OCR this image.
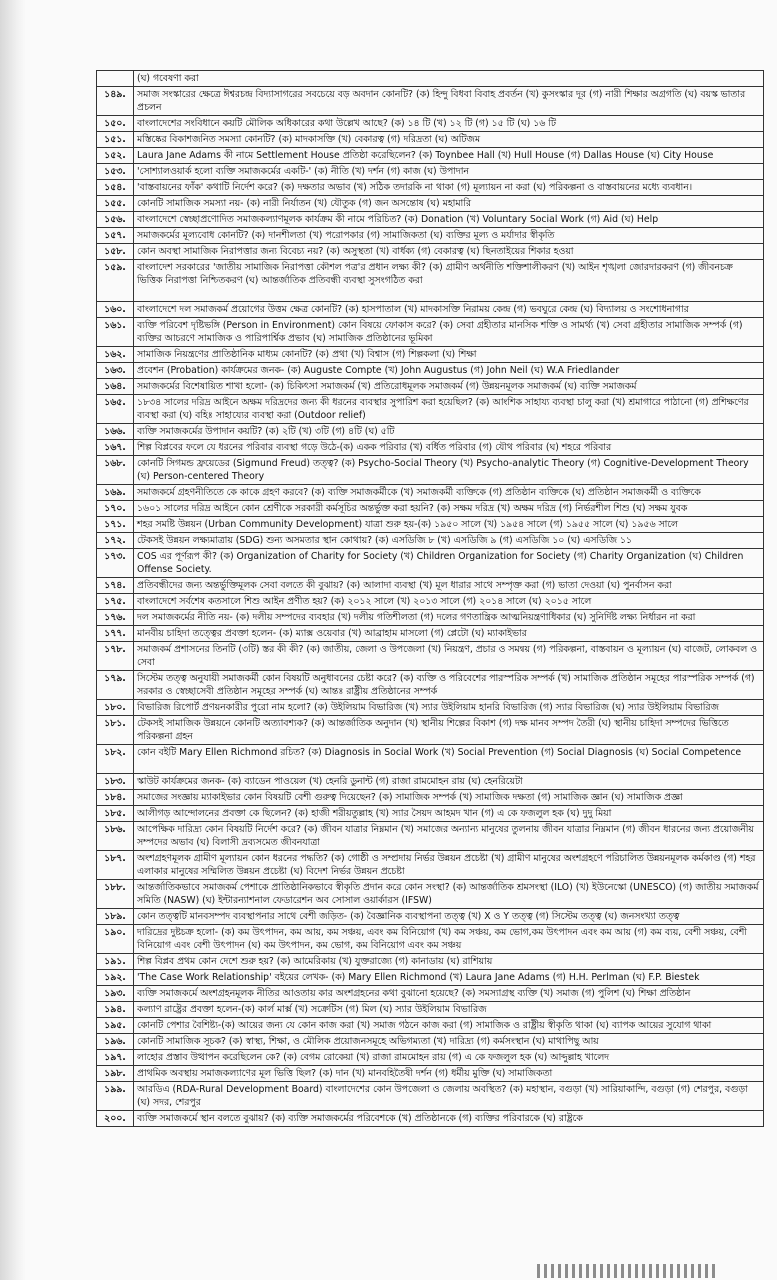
	(ঘ) গবেষণা করা
১৪৯.	সমাজ সংস্কারের ক্ষেত্রে ঈশ্বরচন্দ্র বিদ্যাসাগরের সবচেয়ে বড় অবদান কোনটি? (ক) হিন্দু বিধবা বিবাহ প্রবর্তন (খ) কুসংস্কার দূর (গ) নারী শিক্ষার অগ্রগতি (ঘ) বয়স্ক ভাতার প্রচলন
১৫০.	বাংলাদেশের সংবিধানে কয়টি মৌলিক অধিকারের কথা উল্লেখ আছে? (ক) ১৪ টি (খ) ১২ টি (গ) ১৫ টি (ঘ) ১৬ টি
১৫১.	মস্তিষ্কের বিকাশজনিত সমস্যা কোনটি? (ক) মাদকাসক্তি (খ) বেকারত্ব (গ) দরিদ্রতা (ঘ) অটিজম
১৫২.	Laura Jane Adams কী নামে Settlement House প্রতিষ্ঠা করেছিলেন? (ক) Toynbee Hall (খ) Hull House (গ) Dallas House (ঘ) City House
১৫৩.	'সোশ্যালওয়ার্ক হলো ব্যক্তি সমাজকর্মের একটি-' (ক) নীতি (খ) দর্শন (গ) কাজ (ঘ) উপাদান
১৫৪.	'বাস্তবায়নের ফাঁক' কথাটি নির্দেশ করে? (ক) দক্ষতার অভাব (খ) সঠিক তদারকি না থাকা (গ) মূল্যায়ন না করা (ঘ) পরিকল্পনা ও বাস্তবায়নের মধ্যে ব্যবধান।
১৫৫.	কোনটি সামাজিক সমস্যা নয়- (ক) নারী নির্যাতন (খ) যৌতুক (গ) জন অসন্তোষ (ঘ) মহামারি
১৫৬.	বাংলাদেশে স্বেচ্ছাপ্রণোদিত সমাজকল্যাণমূলক কার্যক্রম কী নামে পরিচিত? (ক) Donation (খ) Voluntary Social Work (গ) Aid (ঘ) Help
১৫৭.	সমাজকর্মের মূল্যবোধ কোনটি? (ক) দানশীলতা (খ) পরোপকার (গ) সামাজিকতা (ঘ) ব্যক্তির মূল্য ও মর্যাদার স্বীকৃতি
১৫৮.	কোন অবস্থা সামাজিক নিরাপত্তার জন্য বিবেচ্য নয়? (ক) অসুস্থতা (খ) বার্ধক্য (গ) বেকারত্ব (ঘ) ছিনতাইয়ের শিকার হওয়া
১৫৯.	বাংলাদেশ সরকারের 'জাতীয় সামাজিক নিরাপত্তা কৌশল পত্র'র প্রধান লক্ষ্য কী? (ক) গ্রামীণ অর্থনীতি শক্তিশালীকরণ (খ) আইন শৃঙ্খলা জোরদারকরণ (গ) জীবনচক্র ভিত্তিক নিরাপত্তা নিশ্চিতকরণ (ঘ) আন্তর্জাতিক প্রতিবন্ধী ব্যবস্থা সুসংগঠিত করা
১৬০.	বাংলাদেশে দল সমাজকর্ম প্রয়োগের উত্তম ক্ষেত্র কোনটি? (ক) হাসপাতাল (খ) মাদকাসক্তি নিরাময় কেন্দ্র (গ) ভবঘুরে কেন্দ্র (ঘ) বিদ্যালয় ও সংশোধনাগার
১৬১.	ব্যক্তি পরিবেশ দৃষ্টিভঙ্গি (Person in Environment) কোন বিষয়ে ফোকাস করে? (ক) সেবা গ্রহীতার মানসিক শক্তি ও সামর্থ্য (খ) সেবা গ্রহীতার সামাজিক সম্পর্ক (গ) ব্যক্তির আচরণে সামাজিক ও পারিপার্শ্বিক প্রভাব (ঘ) সামাজিক প্রতিষ্ঠানের ভূমিকা
১৬২.	সামাজিক নিয়ন্ত্রণের প্রাতিষ্ঠানিক মাধ্যম কোনটি? (ক) প্রথা (খ) বিশ্বাস (গ) শিল্পকলা (ঘ) শিক্ষা
১৬৩.	প্রবেশন (Probation) কার্যক্রমের জনক- (ক) Auguste Compte (খ) John Augustus (গ) John Neil (ঘ) W.A Friedlander
১৬৪.	সমাজকর্মের বিশেষায়িত শাখা হলো- (ক) চিকিৎসা সমাজকর্ম (খ) প্রতিরোধমূলক সমাজকর্ম (গ) উন্নয়নমূলক সমাজকর্ম (ঘ) ব্যক্তি সমাজকর্ম
১৬৫.	১৮৩৪ সালের দরিদ্র আইনে অক্ষম দরিদ্রদের জন্য কী ধরনের ব্যবস্থার সুপারিশ করা হয়েছিল? (ক) আংশিক সাহায্য ব্যবস্থা চালু করা (খ) শ্রমাগারে পাঠানো (গ) প্রশিক্ষণের ব্যবস্থা করা (ঘ) বহিঃ সাহায্যের ব্যবস্থা করা (Outdoor relief)
১৬৬.	ব্যক্তি সমাজকর্মের উপাদান কয়টি? (ক) ২টি (খ) ৩টি (গ) ৪টি (ঘ) ৫টি
১৬৭.	শিল্প বিপ্লবের ফলে যে ধরনের পরিবার ব্যবস্থা গড়ে উঠে-(ক) একক পরিবার (খ) বর্ধিত পরিবার (গ) যৌথ পরিবার (ঘ) শহরে পরিবার
১৬৮.	কোনটি সিগমন্ড ফ্রয়েডের (Sigmund Freud) তত্ত্ব? (ক) Psycho-Social Theory (খ) Psycho-analytic Theory (গ) Cognitive-Development Theory (ঘ) Person-centered Theory
১৬৯.	সমাজকর্মে গ্রহণনীতিতে কে কাকে গ্রহণ করবে? (ক) ব্যক্তি সমাজকর্মীকে (খ) সমাজকর্মী ব্যক্তিকে (গ) প্রতিষ্ঠান ব্যক্তিকে (ঘ) প্রতিষ্ঠান সমাজকর্মী ও ব্যক্তিকে
১৭০.	১৬০১ সালের দরিদ্র আইনে কোন শ্রেণীকে সরকারী কর্মসূচির অন্তর্ভুক্ত করা হয়নি? (ক) সক্ষম দরিদ্র (খ) অক্ষম দরিদ্র (গ) নির্ভরশীল শিশু (ঘ) সক্ষম যুবক
১৭১.	শহর সমষ্টি উন্নয়ন (Urban Community Development) যাত্রা শুরু হয়-(ক) ১৯৫০ সালে (খ) ১৯৫৪ সালে (গ) ১৯৫৫ সালে (ঘ) ১৯৫৬ সালে
১৭২.	টেকসই উন্নয়ন লক্ষ্যমাত্রায় (SDG) শুন্য অসমতার স্থান কোথায়? (ক) এসডিজি ৮ (খ) এসডিজি ৯ (গ) এসডিজি ১০ (ঘ) এসডিজি ১১
১৭৩.	COS এর পূর্ণরূপ কী? (ক) Organization of Charity for Society (খ) Children Organization for Society (গ) Charity Organization (ঘ) Children Offense Society.
১৭৪.	প্রতিবন্ধীদের জন্য অন্তর্ভুক্তিমূলক সেবা বলতে কী বুঝায়? (ক) আলাদা ব্যবস্থা (খ) মূল ধারার সাথে সম্পৃক্ত করা (গ) ভাতা দেওয়া (ঘ) পুনর্বাসন করা
১৭৫.	বাংলাদেশে সর্বশেষ কতসালে শিশু আইন প্রণীত হয়? (ক) ২০১২ সালে (খ) ২০১৩ সালে (গ) ২০১৪ সালে (ঘ) ২০১৫ সালে
১৭৬.	দল সমাজকর্মের নীতি নয়- (ক) দলীয় সম্পদের ব্যবহার (খ) দলীয় গতিশীলতা (গ) দলের গণতান্ত্রিক আত্মনিয়ন্ত্রণাধিকার (ঘ) সুনির্দিষ্ট লক্ষ্য নির্ধারন না করা
১৭৭.	মানবীয় চাহিদা তত্ত্বের প্রবক্তা হলেন- (ক) ম্যাক্স ওয়েবার (খ) আব্রাহাম মাসলো (গ) প্লেটো (ঘ) ম্যাকাইভার
১৭৮.	সমাজকর্ম প্রশাসনের তিনটি (৩টি) স্তর কী কী? (ক) জাতীয়, জেলা ও উপজেলা (খ) নিয়ন্ত্রণ, প্রচার ও সমন্বয় (গ) পরিকল্পনা, বাস্তবায়ন ও মূল্যায়ন (ঘ) বাজেট, লোকবল ও সেবা
১৭৯.	সিস্টেম তত্ত্ব অনুযায়ী সমাজকর্মী কোন বিষয়টি অনুধাবনের চেষ্টা করে? (ক) ব্যক্তি ও পরিবেশের পারস্পরিক সম্পর্ক (খ) সামাজিক প্রতিষ্ঠান সমূহের পারস্পরিক সম্পর্ক (গ) সরকার ও স্বেচ্ছাসেবী প্রতিষ্ঠান সমূহের সম্পর্ক (ঘ) আন্তঃ রাষ্ট্রীয় প্রতিষ্ঠানের সম্পর্ক
১৮০.	বিভারিজ রিপোর্ট প্রণয়নকারীর পুরো নাম হলো? (ক) উইলিয়াম বিভারিজ (খ) স্যার উইলিয়াম হানরি বিভারিজ (গ) স্যার বিভারিজ (ঘ) স্যার উইলিয়াম বিভারিজ
১৮১.	টেকসই সামাজিক উন্নয়নে কোনটি অত্যাবশ্যক? (ক) আন্তর্জাতিক অনুদান (খ) স্থানীয় শিল্পের বিকাশ (গ) দক্ষ মানব সম্পদ তৈরী (ঘ) স্থানীয় চাহিদা সম্পদের ভিত্তিতে পরিকল্পনা গ্রহন
১৮২.	কোন বইটি Mary Ellen Richmond রচিত? (ক) Diagnosis in Social Work (খ) Social Prevention (গ) Social Diagnosis (ঘ) Social Competence
১৮৩.	স্কাউট কার্যক্রমের জনক- (ক) ব্যাডেন পাওয়েল (খ) হেনরি ডুনান্ট (গ) রাজা রামমোহন রায় (ঘ) হেনরিয়েটা
১৮৪.	সমাজের সংজ্ঞায় ম্যাকাইভার কোন বিষয়টি বেশী গুরুত্ব দিয়েছেন? (ক) সামাজিক সম্পর্ক (খ) সামাজিক দক্ষতা (গ) সামাজিক জ্ঞান (ঘ) সামাজিক প্রজ্ঞা
১৮৫.	আলীগড় আন্দোলনের প্রবক্তা কে ছিলেন? (ক) হাজী শরীয়তুল্লাহ (খ) স্যার সৈয়দ আহমদ খান (গ) এ কে ফজলুল হক (ঘ) দুদু মিয়া
১৮৬.	আপেক্ষিক দারিদ্র্য কোন বিষয়টি নির্দেশ করে? (ক) জীবন যাত্রার নিম্নমান (খ) সমাজের অন্যান্য মানুষের তুলনায় জীবন যাত্রার নিম্নমান (গ) জীবন ধারনের জন্য প্রয়োজনীয় সম্পদের অভাব (ঘ) বিলাসী দ্রব্যসমেত জীবনযাত্রা
১৮৭.	অংশগ্রহণমূলক গ্রামীণ মূল্যায়ন কোন ধরনের পদ্ধতি? (ক) গোষ্ঠী ও সম্প্রদায় নির্ভর উন্নয়ন প্রচেষ্টা (খ) গ্রামীণ মানুষের অংশগ্রহণে পরিচালিত উন্নয়নমূলক কর্মকাণ্ড (গ) শহর এলাকার মানুষের সম্মিলিত উন্নয়ন প্রচেষ্টা (ঘ) বিদেশ নির্ভর উন্নয়ন প্রচেষ্টা
১৮৮.	আন্তর্জাতিকভাবে সমাজকর্ম পেশাকে প্রাতিষ্ঠানিকভাবে স্বীকৃতি প্রদান করে কোন সংস্থা? (ক) আন্তর্জাতিক শ্রমসংস্থা (ILO) (খ) ইউনেস্কো (UNESCO) (গ) জাতীয় সমাজকর্ম সমিতি (NASW) (ঘ) ইন্টারন্যাশনাল ফেডারেশন অব সোসাল ওয়ার্কারস (IFSW)
১৮৯.	কোন তত্ত্বটি মানবসম্পদ ব্যবস্থাপনার সাথে বেশী জড়িত- (ক) বৈজ্ঞানিক ব্যবস্থাপনা তত্ত্ব (খ) X ও Y তত্ত্ব (গ) সিস্টেম তত্ত্ব (ঘ) জনসংখ্যা তত্ত্ব
১৯০.	দারিদ্রের দুষ্টচক্র হলো- (ক) কম উৎপাদন, কম আয়, কম সঞ্চয়, এবং কম বিনিয়োগ (খ) কম সঞ্চয়, কম ভোগ,কম উৎপাদন এবং কম আয় (গ) কম ব্যয়, বেশী সঞ্চয়, বেশী বিনিয়োগ এবং বেশী উৎপাদন (ঘ) কম উৎপাদন, কম ভোগ, কম বিনিয়োগ এবং কম সঞ্চয়
১৯১.	শিল্প বিপ্লব প্রথম কোন দেশে শুরু হয়? (ক) আমেরিকায় (খ) যুক্তরাজ্যে (গ) কানাডায় (ঘ) রাশিয়ায়
১৯২.	'The Case Work Relationship' বইয়ের লেখক- (ক) Mary Ellen Richmond (খ) Laura Jane Adams (গ) H.H. Perlman (ঘ) F.P. Biestek
১৯৩.	ব্যক্তি সমাজকর্মে অংশগ্রহনমূলক নীতির আওতায় কার অংশগ্রহনের কথা বুঝানো হয়েছে? (ক) সমস্যাগ্রস্থ ব্যক্তি (খ) সমাজ (গ) পুলিশ (ঘ) শিক্ষা প্রতিষ্ঠান
১৯৪.	কল্যাণ রাষ্ট্রের প্রবক্তা হলেন-(ক) কার্ল মার্ক্স (খ) সক্রেটিস (গ) মিল (ঘ) স্যার উইলিয়াম বিভারিজ
১৯৫.	কোনটি পেশার বৈশিষ্ট্য-(ক) আয়ের জন্য যে কোন কাজ করা (খ) সমাজ গঠনে কাজ করা (গ) সামাজিক ও রাষ্ট্রীয় স্বীকৃতি থাকা (ঘ) ব্যাপক আয়ের সুযোগ থাকা
১৯৬.	কোনটি সামাজিক সূচক? (ক) স্বাস্থ্য, শিক্ষা, ও মৌলিক প্রয়োজনসমূহে অভিগম্যতা (খ) দারিদ্র্য (গ) কর্মসংস্থান (ঘ) মাথাপিছু আয়
১৯৭.	লাহোর প্রস্তাব উত্থাপন করেছিলেন কে? (ক) বেগম রোকেয়া (খ) রাজা রামমোহন রায় (গ) এ কে ফজলুল হক (ঘ) আব্দুল্লাহ খালেদ
১৯৮.	প্রাথমিক অবস্থায় সমাজকল্যাণের মূল ভিত্তি ছিল? (ক) দান (খ) মানবহিতৈষী দর্শন (গ) ধর্মীয় মুক্তি (ঘ) সামাজিকতা
১৯৯.	আরডিএ (RDA-Rural Development Board) বাংলাদেশের কোন উপজেলা ও জেলায় অবস্থিত? (ক) মহাস্থান, বগুড়া (খ) সারিয়াকান্দি, বগুড়া (গ) শেরপুর, বগুড়া (ঘ) সদর, শেরপুর
২০০.	ব্যক্তি সমাজকর্মে স্থান বলতে বুঝায়? (ক) ব্যক্তি সমাজকর্মের পরিবেশকে (খ) প্রতিষ্ঠানকে (গ) ব্যক্তির পরিবারকে (ঘ) রাষ্ট্রকে
